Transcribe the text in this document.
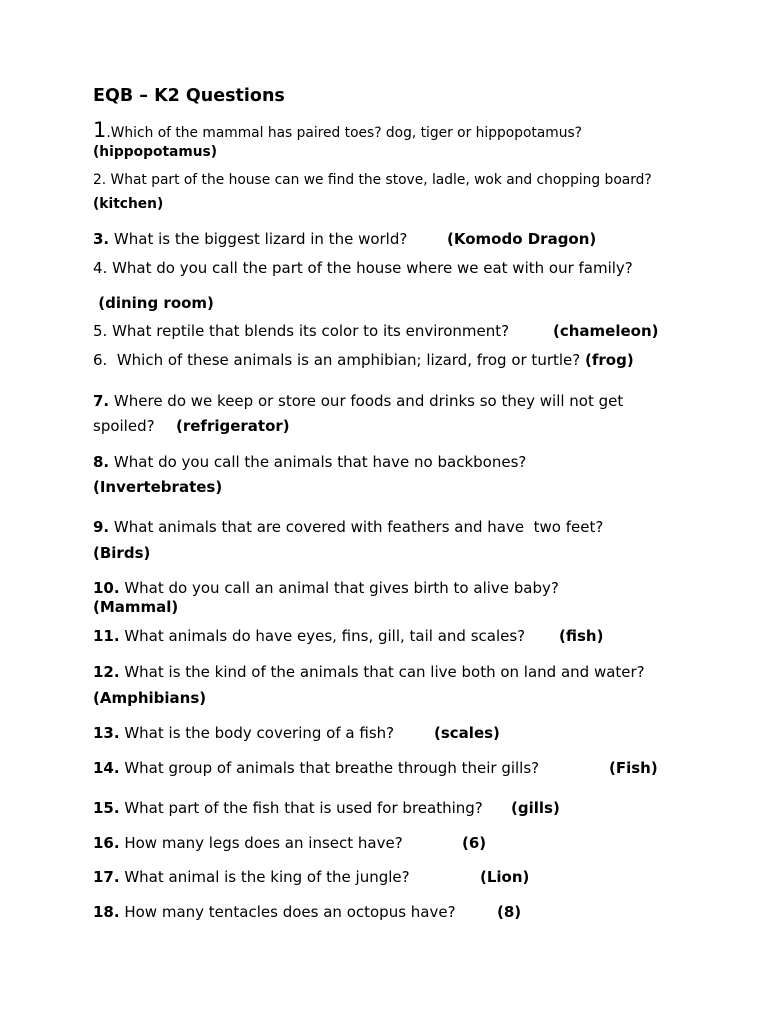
EQB – K2 Questions
1.Which of the mammal has paired toes? dog, tiger or hippopotamus?
(hippopotamus)
2. What part of the house can we find the stove, ladle, wok and chopping board?
(kitchen)
3. What is the biggest lizard in the world?	(Komodo Dragon)
4. What do you call the part of the house where we eat with our family?
(dining room)
5. What reptile that blends its color to its environment?	(chameleon)
6.  Which of these animals is an amphibian; lizard, frog or turtle? (frog)
7. Where do we keep or store our foods and drinks so they will not get
spoiled? (refrigerator)
8. What do you call the animals that have no backbones?
(Invertebrates)
9. What animals that are covered with feathers and have  two feet?
(Birds)
10. What do you call an animal that gives birth to alive baby?
(Mammal)
11. What animals do have eyes, fins, gill, tail and scales? (fish)
12. What is the kind of the animals that can live both on land and water?
(Amphibians)
13. What is the body covering of a fish?	(scales)
14. What group of animals that breathe through their gills?	(Fish)
15. What part of the fish that is used for breathing? (gills)
16. How many legs does an insect have?	(6)
17. What animal is the king of the jungle?	(Lion)
18. How many tentacles does an octopus have?	(8)
